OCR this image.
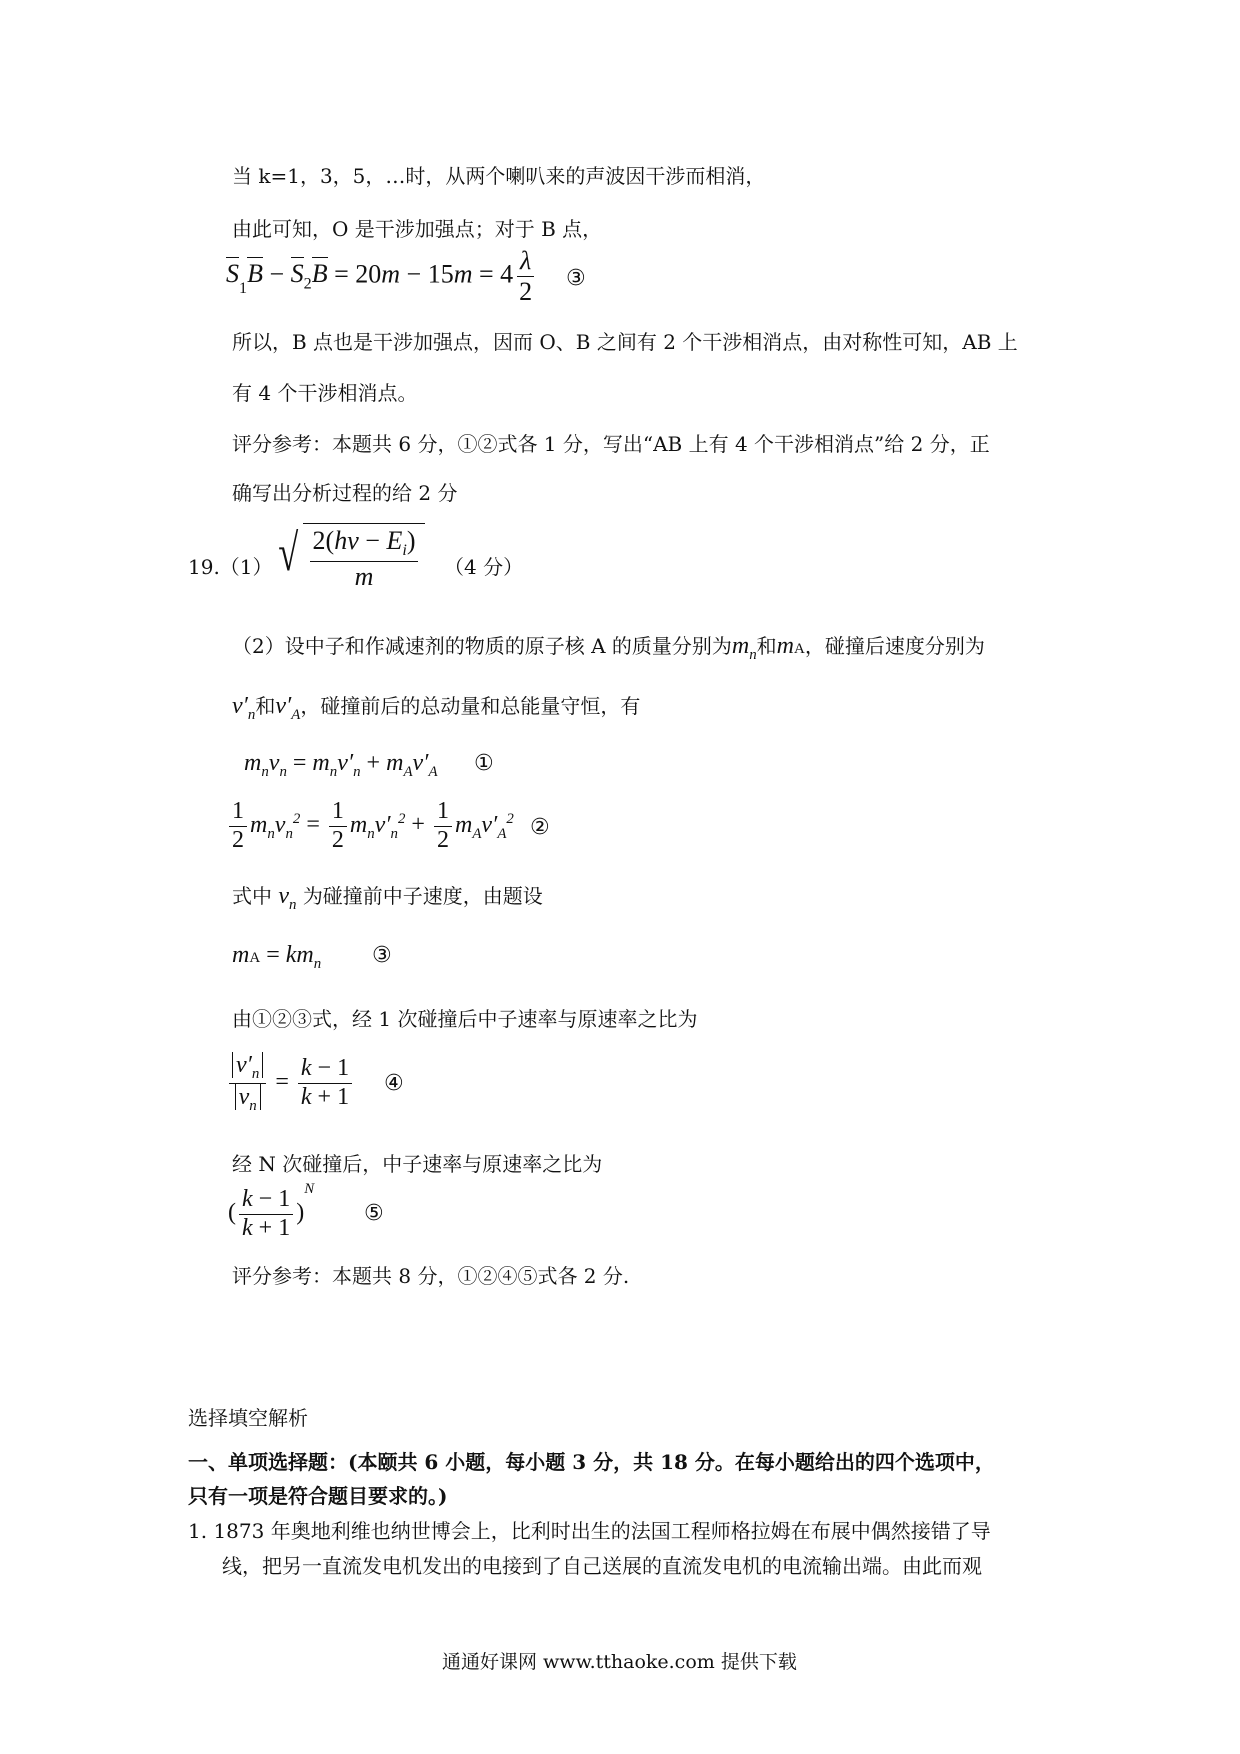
当 k=1，3，5，…时，从两个喇叭来的声波因干涉而相消，
由此可知，O 是干涉加强点；对于 B 点，
$S_1B - S_2B = 20m - 15m = 4 \frac{\lambda}{2}$ ③
所以，B 点也是干涉加强点，因而 O、B 之间有 2 个干涉相消点，由对称性可知，AB 上
有 4 个干涉相消点。
评分参考：本题共 6 分，①②式各 1 分，写出“AB 上有 4 个干涉相消点”给 2 分，正
确写出分析过程的给 2 分
19.（1） √ $\frac{2(hv - E_i)}{m} (4$ 分）
（2）设中子和作减速剂的物质的原子核 A 的质量分别为$m_n$和mA，碰撞后速度分别为
$v'_n$和$v'_A$，碰撞前后的总动量和总能量守恒，有
$m_nv_n = m_nv'_n + m_Av'_A$ ①
$\frac{1}{2} m_nv_n^2 = \frac{1}{2} m_nv'_n^2 + \frac{1}{2} m_Av'_A^2$ ②
式中 $v_n$ 为碰撞前中子速度，由题设
mA = $km_n$ ③
由①②③式，经 1 次碰撞后中子速率与原速率之比为
$\frac{v'_n}{v_n} = \frac{k - 1}{k + 1}$ ④
经 N 次碰撞后，中子速率与原速率之比为
( $\frac{k - 1}{k + 1} )^N$
⑤
评分参考：本题共 8 分，①②④⑤式各 2 分.
选择填空解析
一、单项选择题：(本颐共 6 小题，每小题 3 分，共 18 分。在每小题给出的四个选项中，
只有一项是符合题目要求的。)
1. 1873 年奥地利维也纳世博会上，比利时出生的法国工程师格拉姆在布展中偶然接错了导
线，把另一直流发电机发出的电接到了自己送展的直流发电机的电流输出端。由此而观
通通好课网 www.tthaoke.com 提供下载
